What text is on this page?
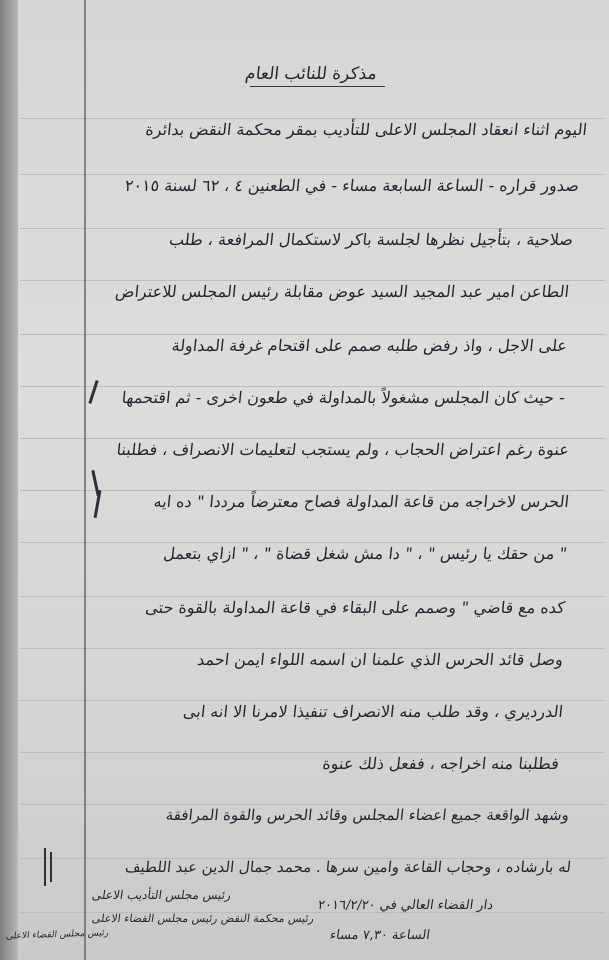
مذكرة للنائب العام
اليوم اثناء انعقاد المجلس الاعلى للتأديب بمقر محكمة النقض بدائرة
صدور قراره - الساعة السابعة مساء - في الطعنين ٤ ، ٦٢ لسنة ٢٠١٥
صلاحية ، بتأجيل نظرها لجلسة باكر لاستكمال المرافعة ، طلب
الطاعن امير عبد المجيد السيد عوض مقابلة رئيس المجلس للاعتراض
على الاجل ، واذ رفض طلبه صمم على اقتحام غرفة المداولة
- حيث كان المجلس مشغولاً بالمداولة في طعون اخرى - ثم اقتحمها
عنوة رغم اعتراض الحجاب ، ولم يستجب لتعليمات الانصراف ، فطلبنا
الحرس لاخراجه من قاعة المداولة فصاح معترضاً مرددا " ده ايه
" من حقك يا رئيس " ، " دا مش شغل قضاة " ، " ازاي بتعمل
كده مع قاضي " وصمم على البقاء في قاعة المداولة بالقوة حتى
وصل قائد الحرس الذي علمنا ان اسمه اللواء ايمن احمد
الدرديري ، وقد طلب منه الانصراف تنفيذا لامرنا الا انه ابى
فطلبنا منه اخراجه ، ففعل ذلك عنوة
وشهد الواقعة جميع اعضاء المجلس وقائد الحرس والقوة المرافقة
له بارشاده ، وحجاب القاعة وامين سرها . محمد جمال الدين عبد اللطيف
دار القضاء العالي في ٢٠١٦/٢/٢٠
الساعة ٧,٣٠ مساء
رئيس مجلس التأديب الاعلى
رئيس محكمة النقض رئيس مجلس القضاء الاعلى
رئيس مجلس القضاء الاعلى
